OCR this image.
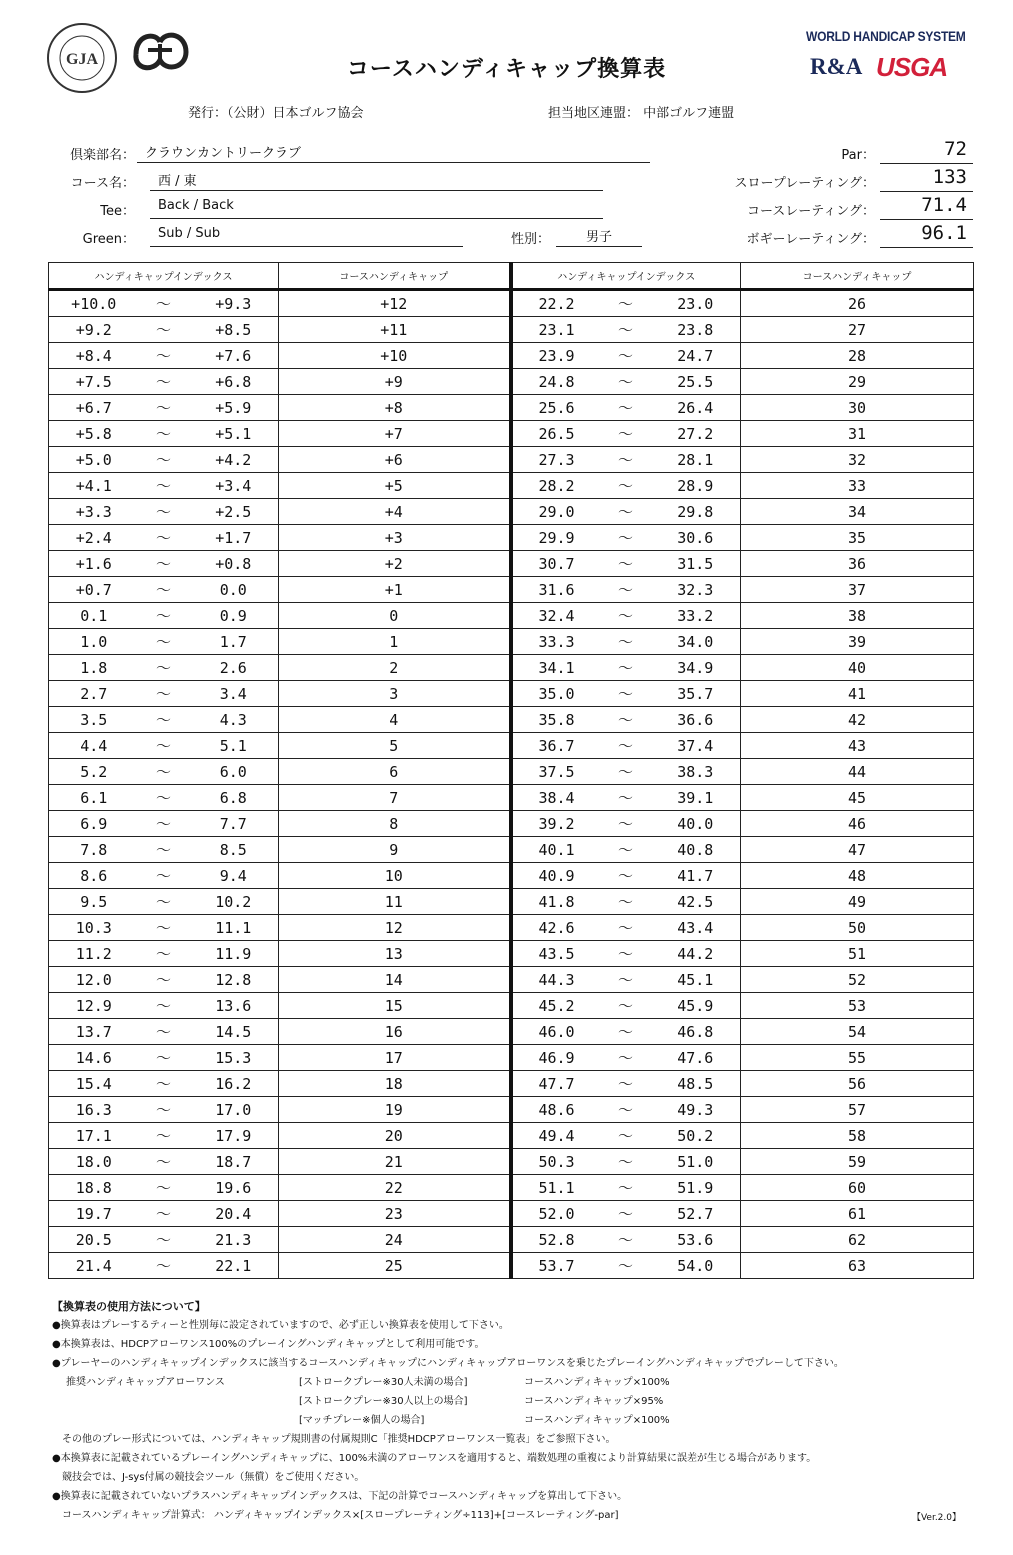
GJA	コースハンディキャップ換算表
WORLD HANDICAP SYSTEM
R&A USGA
発行：（公財）日本ゴルフ協会	担当地区連盟： 中部ゴルフ連盟
倶楽部名： クラウンカントリークラブ
コース名：	西 / 東
Tee：	Back / Back
Green：	Sub / Sub	性別：	男子
Par：	72
スロープレーティング：	133
コースレーティング：	71.4
ボギーレーティング：	96.1
ハンディキャップインデックス			コースハンディキャップ	ハンディキャップインデックス			コースハンディキャップ
+10.0	～	+9.3	+12	22.2	～	23.0	26
+9.2	～	+8.5	+11	23.1	～	23.8	27
+8.4	～	+7.6	+10	23.9	～	24.7	28
+7.5	～	+6.8	+9	24.8	～	25.5	29
+6.7	～	+5.9	+8	25.6	～	26.4	30
+5.8	～	+5.1	+7	26.5	～	27.2	31
+5.0	～	+4.2	+6	27.3	～	28.1	32
+4.1	～	+3.4	+5	28.2	～	28.9	33
+3.3	～	+2.5	+4	29.0	～	29.8	34
+2.4	～	+1.7	+3	29.9	～	30.6	35
+1.6	～	+0.8	+2	30.7	～	31.5	36
+0.7	～	0.0	+1	31.6	～	32.3	37
0.1	～	0.9	0	32.4	～	33.2	38
1.0	～	1.7	1	33.3	～	34.0	39
1.8	～	2.6	2	34.1	～	34.9	40
2.7	～	3.4	3	35.0	～	35.7	41
3.5	～	4.3	4	35.8	～	36.6	42
4.4	～	5.1	5	36.7	～	37.4	43
5.2	～	6.0	6	37.5	～	38.3	44
6.1	～	6.8	7	38.4	～	39.1	45
6.9	～	7.7	8	39.2	～	40.0	46
7.8	～	8.5	9	40.1	～	40.8	47
8.6	～	9.4	10	40.9	～	41.7	48
9.5	～	10.2	11	41.8	～	42.5	49
10.3	～	11.1	12	42.6	～	43.4	50
11.2	～	11.9	13	43.5	～	44.2	51
12.0	～	12.8	14	44.3	～	45.1	52
12.9	～	13.6	15	45.2	～	45.9	53
13.7	～	14.5	16	46.0	～	46.8	54
14.6	～	15.3	17	46.9	～	47.6	55
15.4	～	16.2	18	47.7	～	48.5	56
16.3	～	17.0	19	48.6	～	49.3	57
17.1	～	17.9	20	49.4	～	50.2	58
18.0	～	18.7	21	50.3	～	51.0	59
18.8	～	19.6	22	51.1	～	51.9	60
19.7	～	20.4	23	52.0	～	52.7	61
20.5	～	21.3	24	52.8	～	53.6	62
21.4	～	22.1	25	53.7	～	54.0	63
【換算表の使用方法について】
●換算表はプレーするティーと性別毎に設定されていますので、必ず正しい換算表を使用して下さい。
●本換算表は、HDCPアローワンス100%のプレーイングハンディキャップとして利用可能です。
●プレーヤーのハンディキャップインデックスに該当するコースハンディキャップにハンディキャップアローワンスを乗じたプレーイングハンディキャップでプレーして下さい。
推奨ハンディキャップアローワンス	[ストロークプレー※30人未満の場合]	コースハンディキャップ×100%
[ストロークプレー※30人以上の場合]	コースハンディキャップ×95%
[マッチプレー※個人の場合]	コースハンディキャップ×100%
その他のプレー形式については、ハンディキャップ規則書の付属規則C「推奨HDCPアローワンス一覧表」をご参照下さい。
●本換算表に記載されているプレーイングハンディキャップに、100%未満のアローワンスを適用すると、端数処理の重複により計算結果に誤差が生じる場合があります。
競技会では、J-sys付属の競技会ツール（無償）をご使用ください。
●換算表に記載されていないプラスハンディキャップインデックスは、下記の計算でコースハンディキャップを算出して下さい。
コースハンディキャップ計算式： ハンディキャップインデックス×[スロープレーティング÷113]+[コースレーティング-par]	【Ver.2.0】
